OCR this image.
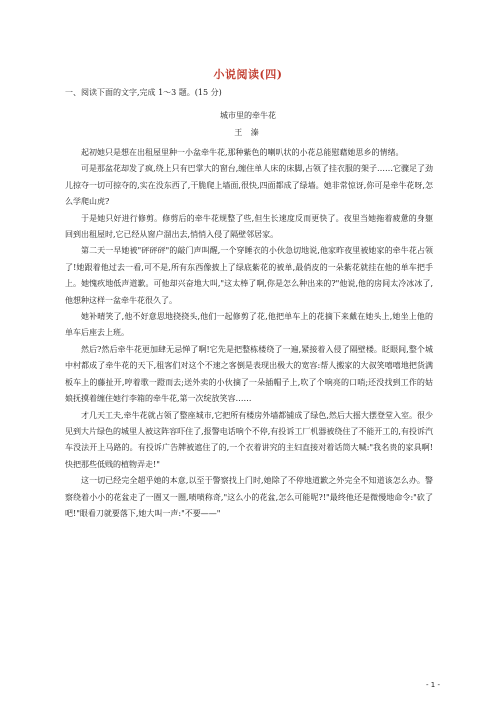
小说阅读(四)
一、阅读下面的文字,完成 1～3 题。(15 分)
城市里的牵牛花
王 溱

起初她只是想在出租屋里种一小盆牵牛花,那种紫色的喇叭状的小花总能慰藉她思乡的情绪。

可是那盆花却发了疯,绕上只有巴掌大的窗台,缠住单人床的床脚,占领了挂衣服的架子……它骤足了劲儿掠夺一切可掠夺的,实在没东西了,干脆爬上墙面,很快,四面都成了绿墙。她非常惊讶,你可是牵牛花呀,怎么学爬山虎?

于是她只好进行修剪。修剪后的牵牛花规整了些,但生长速度反而更快了。夜里当她拖着疲惫的身躯回到出租屋时,它已经从窗户溜出去,悄悄入侵了隔壁邻居家。

第二天一早她被"砰砰砰"的敲门声叫醒,一个穿睡衣的小伙急切地说,他家昨夜里被她家的牵牛花占领了!她跟着他过去一看,可不是,所有东西像披上了绿底紫花的被单,最俏皮的一朵紫花就挂在他的单车把手上。她愧疚地低声道歉。可他却兴奋地大叫,"这太棒了啊,你是怎么种出来的?"他说,他的房间太冷冰冰了,他想种这样一盆牵牛花很久了。

她补晴笑了,他不好意思地挠挠头,他们一起修剪了花,他把单车上的花摘下来戴在她头上,她坐上他的单车后座去上班。

然后?然后牵牛花更加肆无忌惮了啊!它先是把整栋楼绕了一遍,紧接着入侵了隔壁楼。眨眼间,整个城中村都成了牵牛花的天下,租客们对这个不速之客倒是表现出极大的宽容:帮人搬家的大叔笑嘻嘻地把货满板车上的藤扯开,哼着歌一蹬而去;送外卖的小伙摘了一朵插帽子上,吹了个响亮的口哨;还没找到工作的姑娘抚摸着缠住她行李箱的牵牛花,第一次绽放笑容……

才几天工夫,牵牛花就占领了整座城市,它把所有楼房外墙都铺成了绿色,然后大摇大摆登堂入室。很少见到大片绿色的城里人被这阵容吓住了,报警电话响个不停,有投诉工厂机器被绕住了不能开工的,有投诉汽车没法开上马路的。有投诉广告牌被遮住了的,一个衣着讲究的主妇直接对着话筒大喊:"我名贵的家具啊!快把那些低贱的植物弄走!"

这一切已经完全超乎她的本意,以至于警察找上门时,她除了不停地道歉之外完全不知道该怎么办。警察绕着小小的花盆走了一圈又一圈,啧啧称奇,"这么小的花盆,怎么可能呢?!"最终他还是微慢地命令:"砍了吧!"眼看刀就要落下,她大叫一声:"不要——"

- 1 -
